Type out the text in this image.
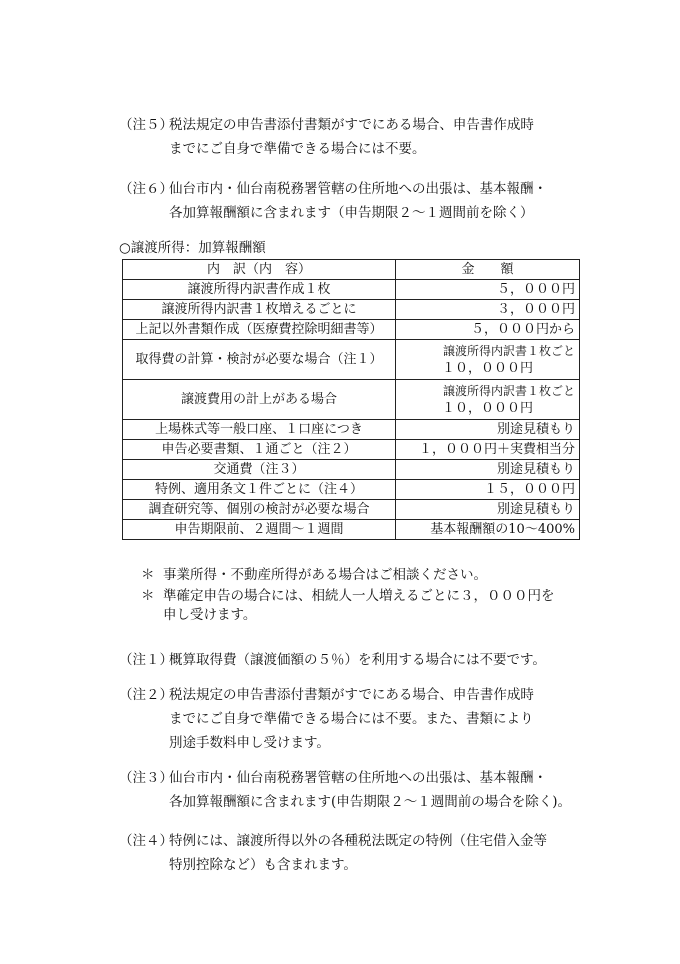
（注５）税法規定の申告書添付書類がすでにある場合、申告書作成時
までにご自身で準備できる場合には不要。
（注６）仙台市内・仙台南税務署管轄の住所地への出張は、基本報酬・
各加算報酬額に含まれます（申告期限２～１週間前を除く）
○譲渡所得：加算報酬額
内　訳（内　容）	金　　額
譲渡所得内訳書作成１枚	５，０００円
譲渡所得内訳書１枚増えるごとに	３，０００円
上記以外書類作成（医療費控除明細書等）	５，０００円から
取得費の計算・検討が必要な場合（注１）	譲渡所得内訳書１枚ごと
１０，０００円

譲渡費用の計上がある場合	譲渡所得内訳書１枚ごと
１０，０００円

上場株式等一般口座、１口座につき	別途見積もり
申告必要書類、１通ごと（注２）	１，０００円＋実費相当分
交通費（注３）	別途見積もり
特例、適用条文１件ごとに（注４）	１５，０００円
調査研究等、個別の検討が必要な場合	別途見積もり
申告期限前、２週間～１週間	基本報酬額の10～400%
＊ 事業所得・不動産所得がある場合はご相談ください。
＊ 準確定申告の場合には、相続人一人増えるごとに３，０００円を
申し受けます。
（注１）概算取得費（譲渡価額の５％）を利用する場合には不要です。
（注２）税法規定の申告書添付書類がすでにある場合、申告書作成時
までにご自身で準備できる場合には不要。また、書類により
別途手数料申し受けます。
（注３）仙台市内・仙台南税務署管轄の住所地への出張は、基本報酬・
各加算報酬額に含まれます(申告期限２～１週間前の場合を除く)。
（注４）特例には、譲渡所得以外の各種税法既定の特例（住宅借入金等
特別控除など）も含まれます。
